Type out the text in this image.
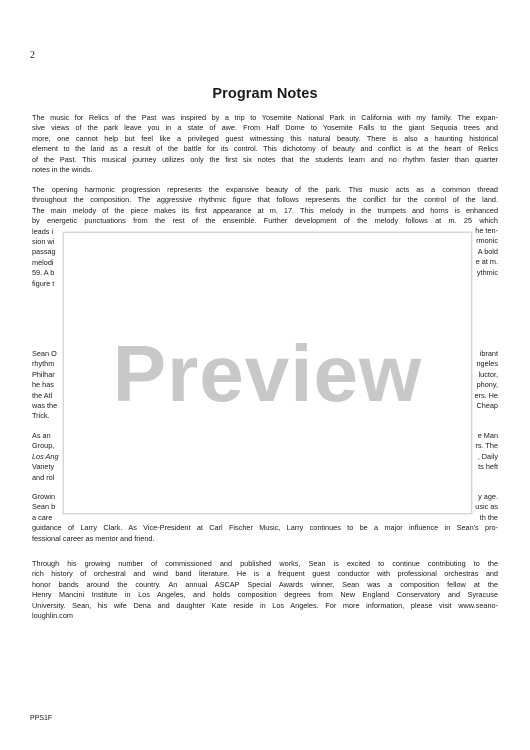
2
Program Notes
The music for Relics of the Past was inspired by a trip to Yosemite National Park in California with my family. The expan-
sive views of the park leave you in a state of awe. From Half Dome to Yosemite Falls to the giant Sequoia trees and
more, one cannot help but feel like a privileged guest witnessing this natural beauty. There is also a haunting historical
element to the land as a result of the battle for its control. This dichotomy of beauty and conflict is at the heart of Relics
of the Past. This musical journey utilizes only the first six notes that the students learn and no rhythm faster than quarter
notes in the winds.
The opening harmonic progression represents the expansive beauty of the park. This music acts as a common thread
throughout the composition. The aggressive rhythmic figure that follows represents the conflict for the control of the land.
The main melody of the piece makes its first appearance at m. 17. This melody in the trumpets and horns is enhanced
by energetic punctuations from the rest of the ensemble. Further development of the melody follows at m. 25 which
leads i
sion wi
passag
melodi
59. A b
figure t
he ten-
rmonic
A bold
e at m.
ythmic
Sean O
rhythm
Philhar
he has
the Atl
was the
Trick.
ibrant
ngeles
luctor,
phony,
ers. He
Cheap
As an
Group,
Los Ang
Variety
and rol
e Man
rs. The
, Daily
ts heft
Growin
Sean b
a care
guidance of Larry Clark. As Vice-President at Carl Fischer Music, Larry continues to be a major influence in Sean's pro-
fessional career as mentor and friend.
y age.
usic as
th the
Through his growing number of commissioned and published works, Sean is excited to continue contributing to the
rich history of orchestral and wind band literature. He is a frequent guest conductor with professional orchestras and
honor bands around the country. An annual ASCAP Special Awards winner, Sean was a composition fellow at the
Henry Mancini Institute in Los Angeles, and holds composition degrees from New England Conservatory and Syracuse
University. Sean, his wife Dena and daughter Kate reside in Los Angeles. For more information, please visit www.seano-
loughlin.com
Preview
PPS1F
